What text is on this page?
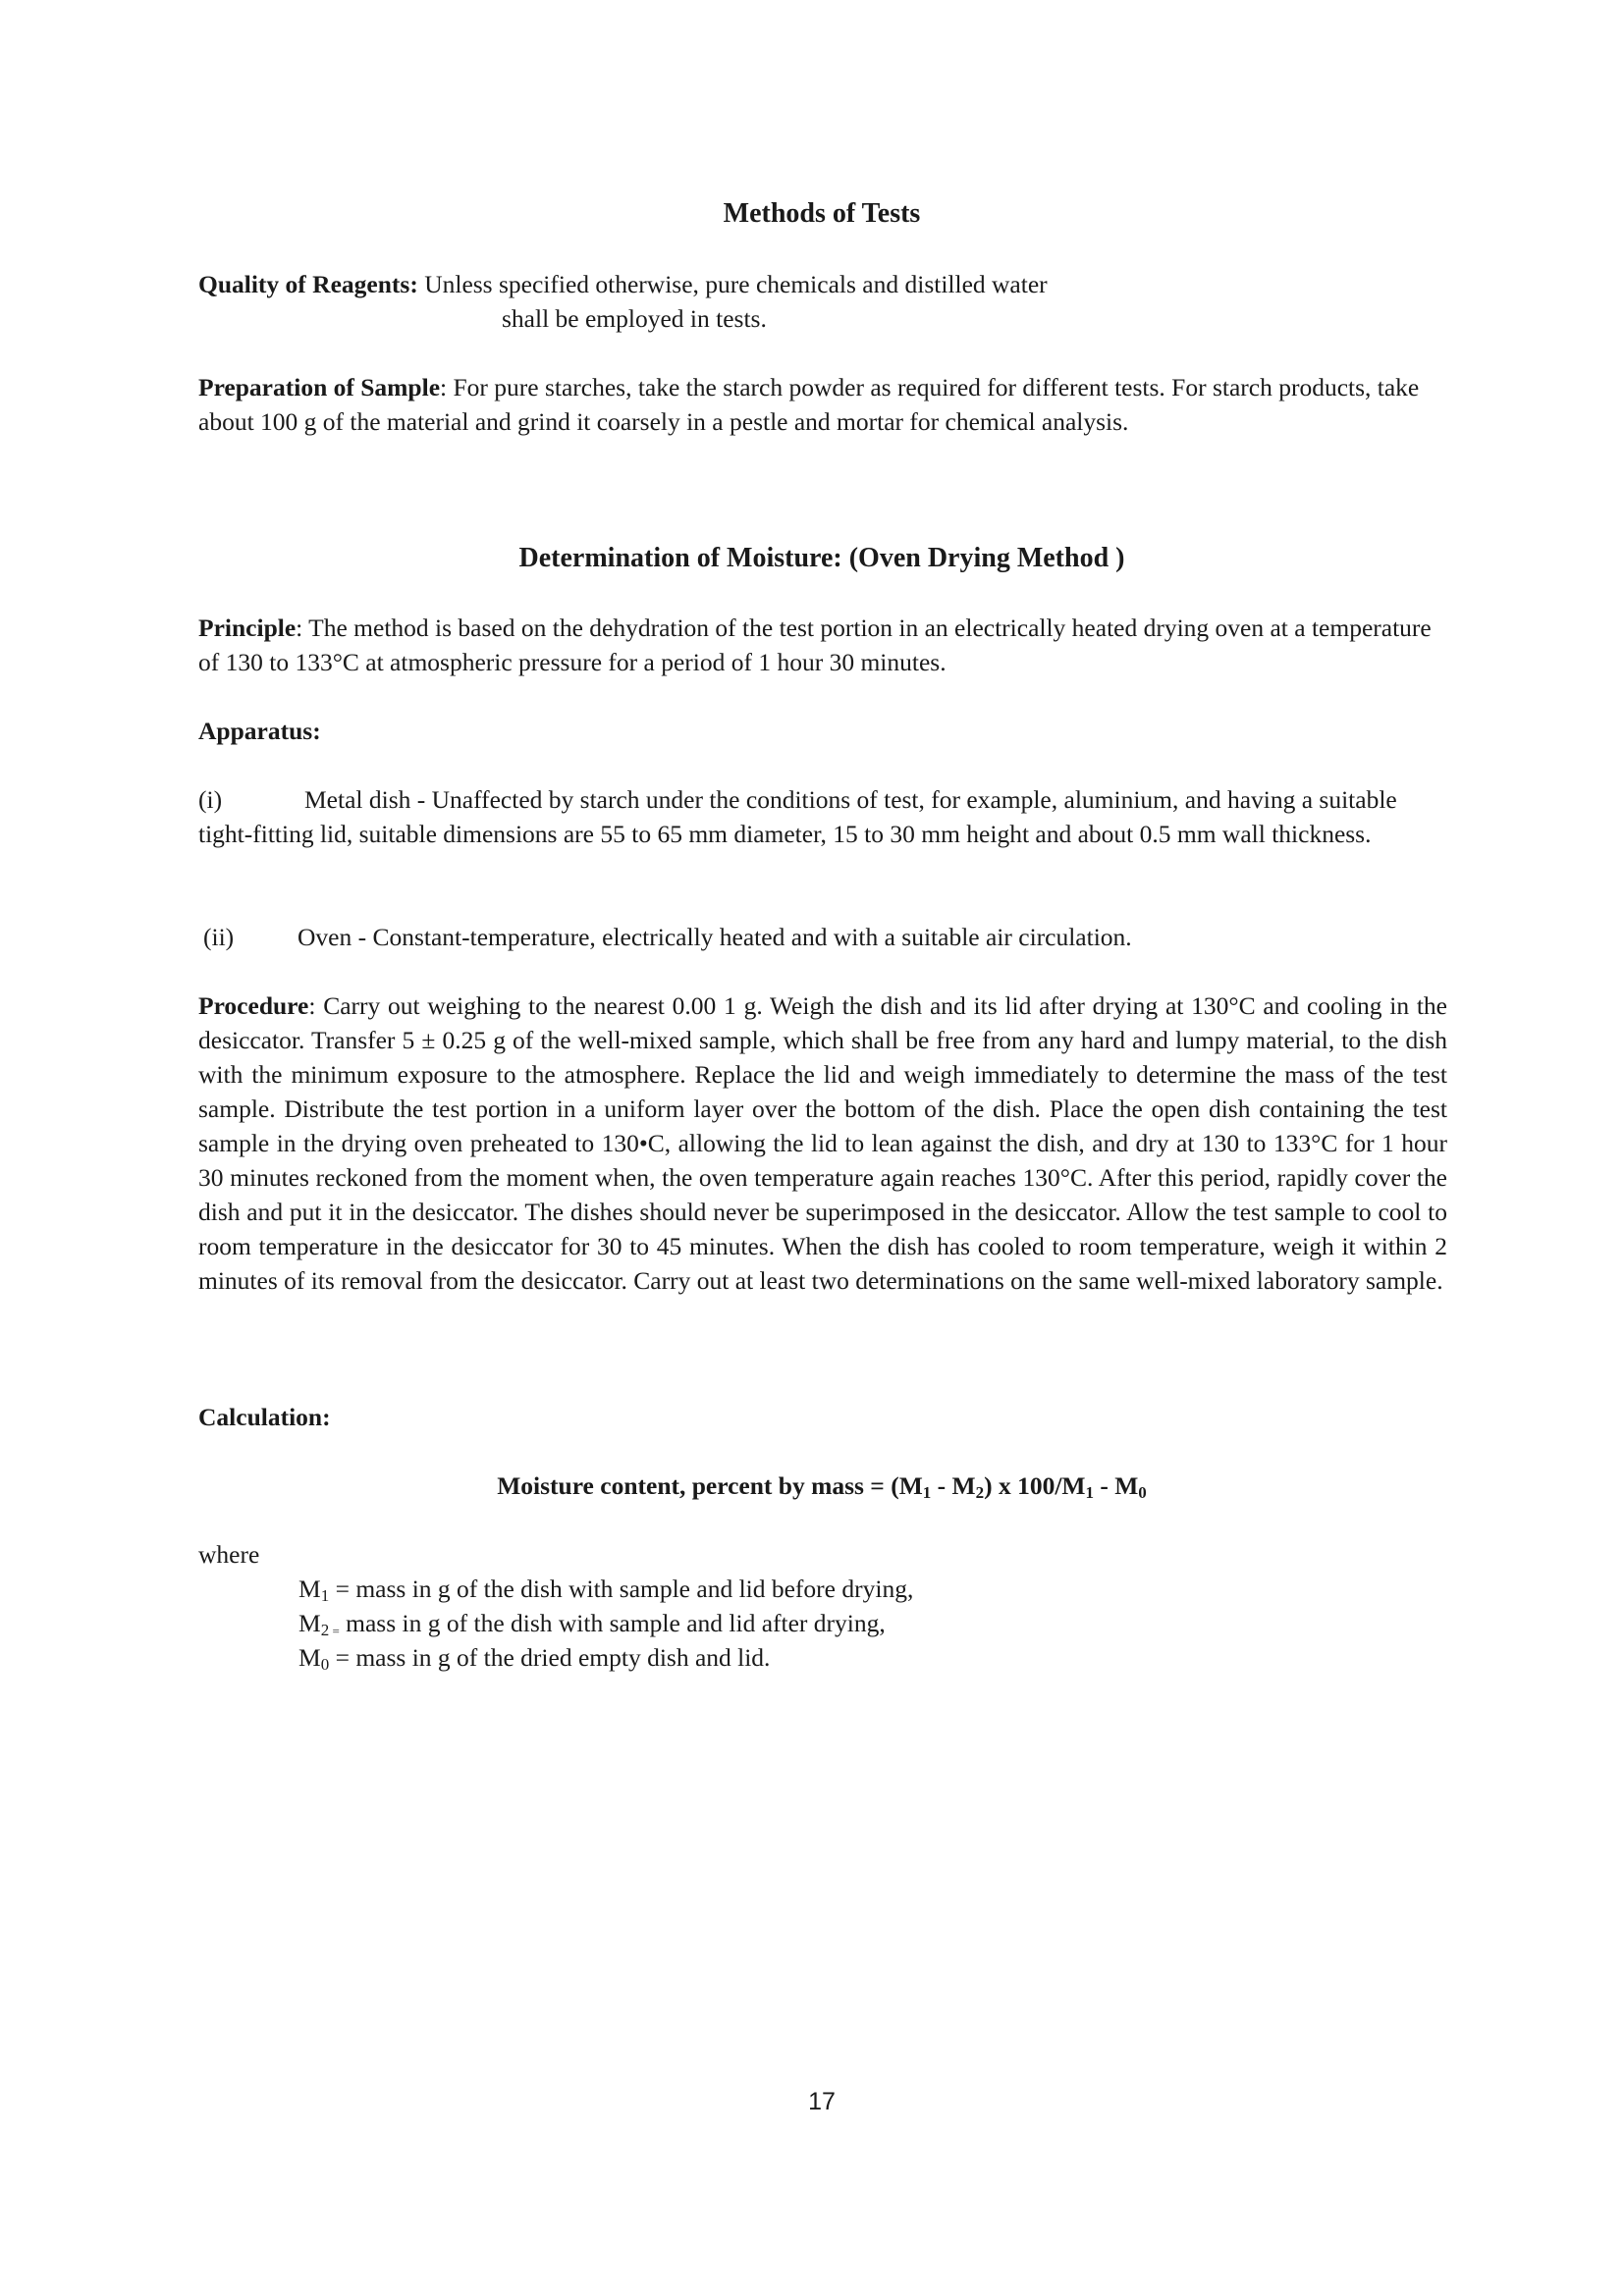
Methods of Tests
Quality of Reagents: Unless specified otherwise, pure chemicals and distilled water
shall be employed in tests.
Preparation of Sample: For pure starches, take the starch powder as required for different tests. For starch products, take about 100 g of the material and grind it coarsely in a pestle and mortar for chemical analysis.
Determination of Moisture: (Oven Drying Method )
Principle: The method is based on the dehydration of the test portion in an electrically heated drying oven at a temperature of 130 to 133°C at atmospheric pressure for a period of 1 hour 30 minutes.
Apparatus:
(i)	Metal dish - Unaffected by starch under the conditions of test, for example, aluminium, and having a suitable tight-fitting lid, suitable dimensions are 55 to 65 mm diameter, 15 to 30 mm height and about 0.5 mm wall thickness.
(ii)	Oven - Constant-temperature, electrically heated and with a suitable air circulation.
Procedure: Carry out weighing to the nearest 0.00 1 g. Weigh the dish and its lid after drying at 130°C and cooling in the desiccator. Transfer 5 ± 0.25 g of the well-mixed sample, which shall be free from any hard and lumpy material, to the dish with the minimum exposure to the atmosphere. Replace the lid and weigh immediately to determine the mass of the test sample. Distribute the test portion in a uniform layer over the bottom of the dish. Place the open dish containing the test sample in the drying oven preheated to 130•C, allowing the lid to lean against the dish, and dry at 130 to 133°C for 1 hour 30 minutes reckoned from the moment when, the oven temperature again reaches 130°C. After this period, rapidly cover the dish and put it in the desiccator. The dishes should never be superimposed in the desiccator. Allow the test sample to cool to room temperature in the desiccator for 30 to 45 minutes. When the dish has cooled to room temperature, weigh it within 2 minutes of its removal from the desiccator. Carry out at least two determinations on the same well-mixed laboratory sample.
Calculation:
Moisture content, percent by mass = $(M_1 - M_2)$ x $100/M_1 - M_0$
where
$M_1$ = mass in g of the dish with sample and lid before drying,
$M_2$ = mass in g of the dish with sample and lid after drying,
$M_0$ = mass in g of the dried empty dish and lid.
17
